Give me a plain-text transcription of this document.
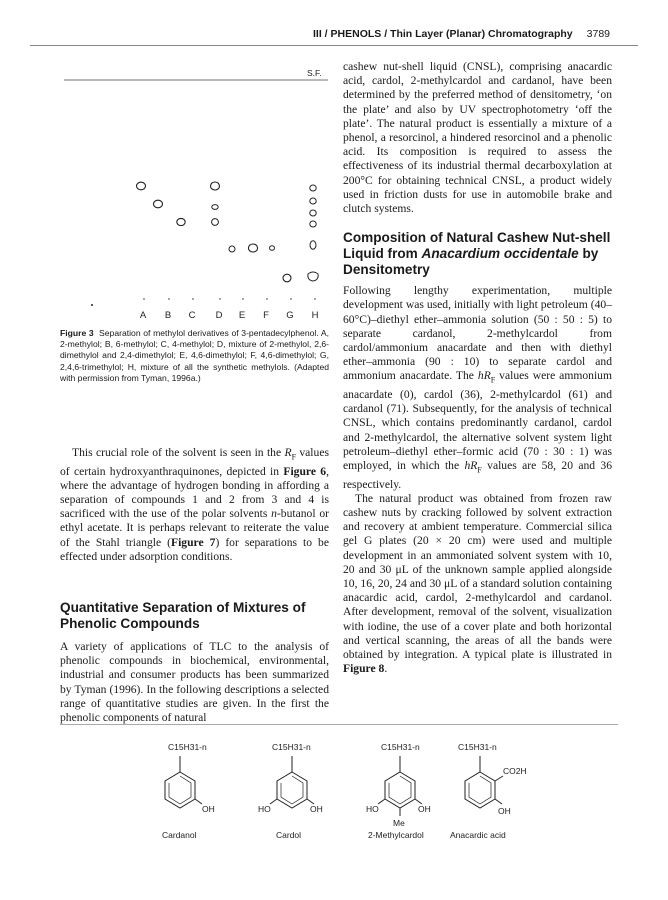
III / PHENOLS / Thin Layer (Planar) Chromatography 3789
S.F.
A B C D E F G H

Figure 3 Separation of methylol derivatives of 3-pentadecylphenol. A, 2-methylol; B, 6-methylol; C, 4-methylol; D, mixture of 2-methylol, 2,6-dimethylol and 2,4-dimethylol; E, 4,6-dimethylol; F, 4,6-dimethylol; G, 2,4,6-trimethylol; H, mixture of all the synthetic methylols. (Adapted with permission from Tyman, 1996a.)

This crucial role of the solvent is seen in the $R_F$ values of certain hydroxyanthraquinones, depicted in Figure 6, where the advantage of hydrogen bonding in affording a separation of compounds 1 and 2 from 3 and 4 is sacrificed with the use of the polar solvents n-butanol or ethyl acetate. It is perhaps relevant to reiterate the value of the Stahl triangle (Figure 7) for separations to be effected under adsorption conditions.

Quantitative Separation of Mixtures of Phenolic Compounds

A variety of applications of TLC to the analysis of phenolic compounds in biochemical, environmental, industrial and consumer products has been summarized by Tyman (1996). In the following descriptions a selected range of quantitative studies are given. In the first the phenolic components of natural

cashew nut-shell liquid (CNSL), comprising anacardic acid, cardol, 2-methylcardol and cardanol, have been determined by the preferred method of densitometry, ‘on the plate’ and also by UV spectrophotometry ‘off the plate’. The natural product is essentially a mixture of a phenol, a resorcinol, a hindered resorcinol and a phenolic acid. Its composition is required to assess the effectiveness of its industrial thermal decarboxylation at 200°C for obtaining technical CNSL, a product widely used in friction dusts for use in automobile brake and clutch systems.

Composition of Natural Cashew Nut-shell Liquid from Anacardium occidentale by Densitometry

Following lengthy experimentation, multiple development was used, initially with light petroleum (40–60°C)–diethyl ether–ammonia solution (50 : 50 : 5) to separate cardanol, 2-methylcardol from cardol/ammonium anacardate and then with diethyl ether–ammonia (90 : 10) to separate cardol and ammonium anacardate. The $hR_F$ values were ammonium anacardate (0), cardol (36), 2-methylcardol (61) and cardanol (71). Subsequently, for the analysis of technical CNSL, which contains predominantly cardanol, cardol and 2-methylcardol, the alternative solvent system light petroleum–diethyl ether–formic acid (70 : 30 : 1) was employed, in which the $hR_F$ values are 58, 20 and 36 respectively.

The natural product was obtained from frozen raw cashew nuts by cracking followed by solvent extraction and recovery at ambient temperature. Commercial silica gel G plates (20 × 20 cm) were used and multiple development in an ammoniated solvent system with 10, 20 and 30 μL of the unknown sample applied alongside 10, 16, 20, 24 and 30 μL of a standard solution containing anacardic acid, cardol, 2-methylcardol and cardanol. After development, removal of the solvent, visualization with iodine, the use of a cover plate and both horizontal and vertical scanning, the areas of all the bands were obtained by integration. A typical plate is illustrated in Figure 8.

C15H31-n
OH
Cardanol
C15H31-n
HO	OH
Cardol
C15H31-n
HO	OH
Me
2-Methylcardol
C15H31-n
CO2H
OH
Anacardic acid
